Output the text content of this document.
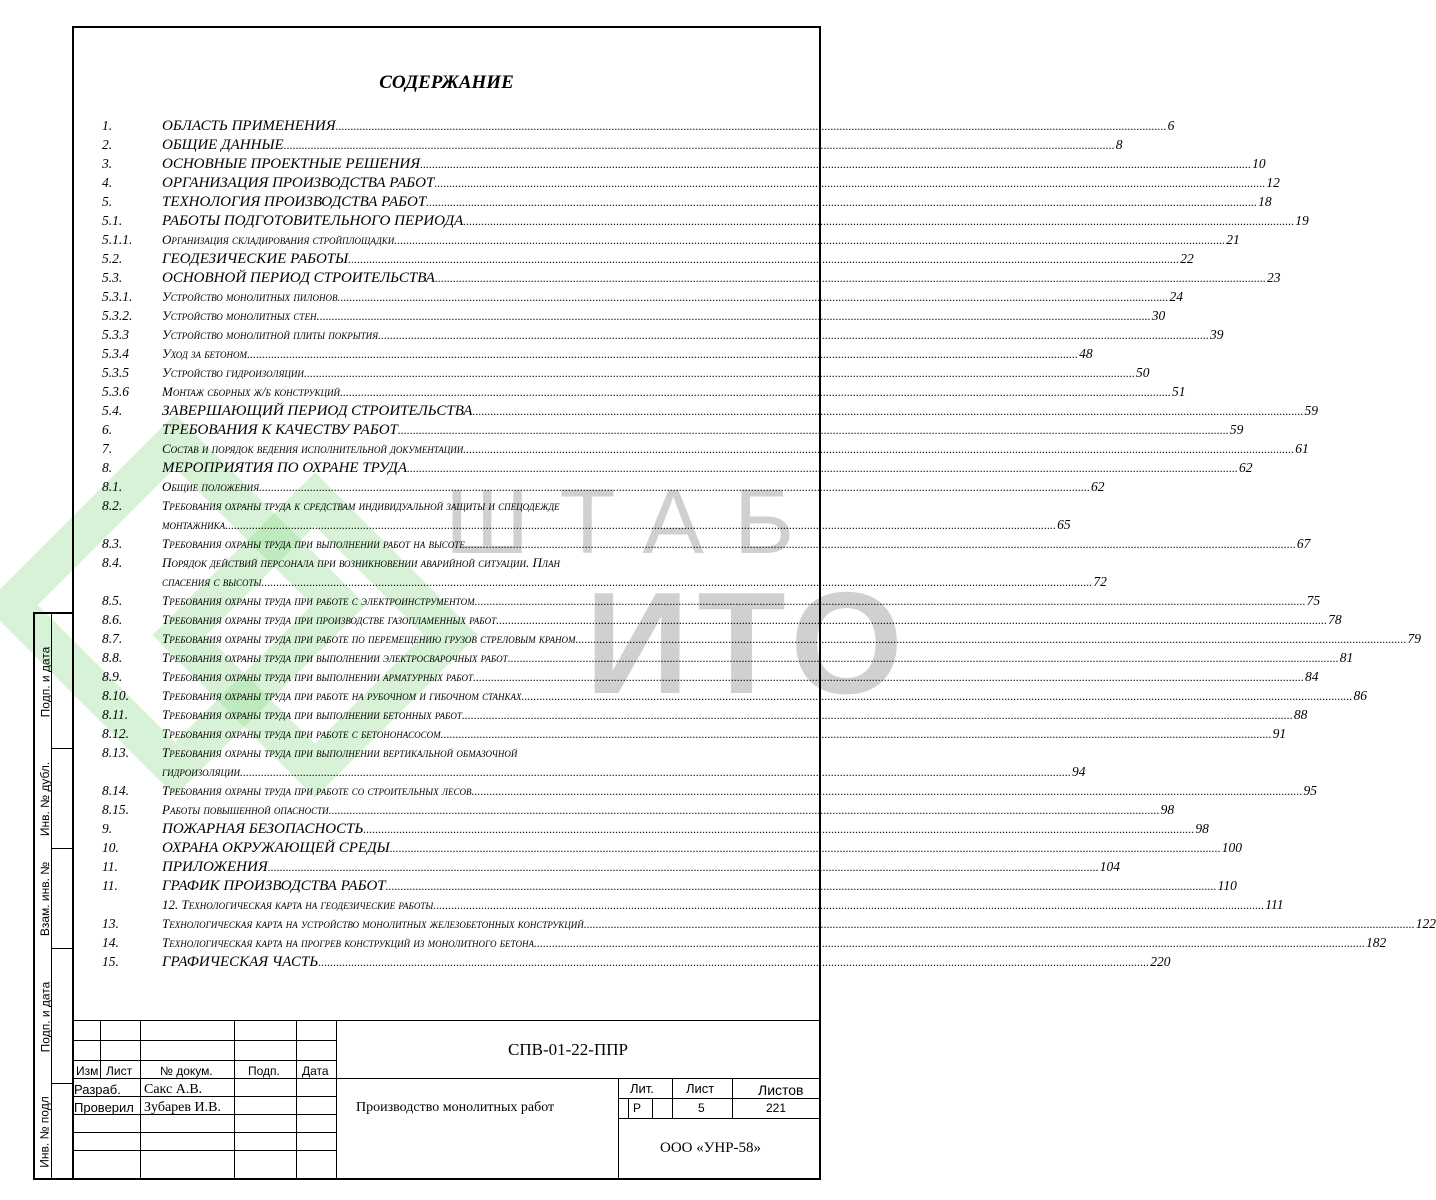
ШТАБ
ИТО
Подп. и дата
Инв. № дубл.
Взам. инв. №
Подп. и дата
Инв. № подл
СОДЕРЖАНИЕ
1.	ОБЛАСТЬ ПРИМЕНЕНИЯ .....	6
2.	ОБЩИЕ ДАННЫЕ .....	8
3.	ОСНОВНЫЕ ПРОЕКТНЫЕ РЕШЕНИЯ .....	10
4.	ОРГАНИЗАЦИЯ ПРОИЗВОДСТВА РАБОТ .....	12
5.	ТЕХНОЛОГИЯ ПРОИЗВОДСТВА РАБОТ .....	18
5.1.	РАБОТЫ ПОДГОТОВИТЕЛЬНОГО ПЕРИОДА .....	19
5.1.1.	Организация складирования стройплощадки .....	21
5.2.	ГЕОДЕЗИЧЕСКИЕ РАБОТЫ .....	22
5.3.	ОСНОВНОЙ ПЕРИОД СТРОИТЕЛЬСТВА .....	23
5.3.1.	Устройство монолитных пилонов .....	24
5.3.2.	Устройство монолитных стен. .....	30
5.3.3	Устройство монолитной плиты покрытия .....	39
5.3.4	Уход за бетоном .....	48
5.3.5	Устройство гидроизоляции .....	50
5.3.6	Монтаж сборных ж/б конструкций .....	51
5.4.	ЗАВЕРШАЮЩИЙ ПЕРИОД СТРОИТЕЛЬСТВА .....	59
6.	ТРЕБОВАНИЯ К КАЧЕСТВУ РАБОТ .....	59
7.	Состав и порядок ведения исполнительной документации .....	61
8.	МЕРОПРИЯТИЯ ПО ОХРАНЕ ТРУДА .....	62
8.1.	Общие положения .....	62
8.2.	Требования охраны труда к средствам индивидуальной защиты и спецодежде
монтажника .....	65
8.3.	Требования охраны труда при выполнении работ на высоте .....	67
8.4.	Порядок действий персонала при возникновении аварийной ситуации. План
спасения с высоты .....	72
8.5.	Требования охраны труда при работе с электроинструментом .....	75
8.6.	Требования охраны труда при производстве газопламенных работ .....	78
8.7.	Требования охраны труда при работе по перемещению грузов стреловым краном .....	79
8.8.	Требования охраны труда при выполнении электросварочных работ .....	81
8.9.	Требования охраны труда при выполнении арматурных работ .....	84
8.10.	Требования охраны труда при работе на рубочном и гибочном станках .....	86
8.11.	Требования охраны труда при выполнении бетонных работ .....	88
8.12.	Требования охраны труда при работе с бетононасосом .....	91
8.13.	Требования охраны труда при выполнении вертикальной обмазочной
гидроизоляции .....	94
8.14.	Требования охраны труда при работе со строительных лесов .....	95
8.15.	Работы повышенной опасности .....	98
9.	ПОЖАРНАЯ БЕЗОПАСНОСТЬ .....	98
10.	ОХРАНА ОКРУЖАЮЩЕЙ СРЕДЫ .....	100
11.	ПРИЛОЖЕНИЯ .....	104
11.	ГРАФИК ПРОИЗВОДСТВА РАБОТ .....	110
12. Технологическая карта на геодезические работы .....	111
13.	Технологическая карта на устройство монолитных железобетонных конструкций .....	122
14.	Технологическая карта на прогрев конструкций из монолитного бетона .....	182
15.	ГРАФИЧЕСКАЯ ЧАСТЬ .....	220
Изм Лист № докум.	Подп. Дата
СПВ-01-22-ППР
Разраб. Сакс А.В.
Проверил Зубарев И.В.	Производство монолитных работ
Лит. Лист	Листов
Р	5	221
ООО «УНР-58»
